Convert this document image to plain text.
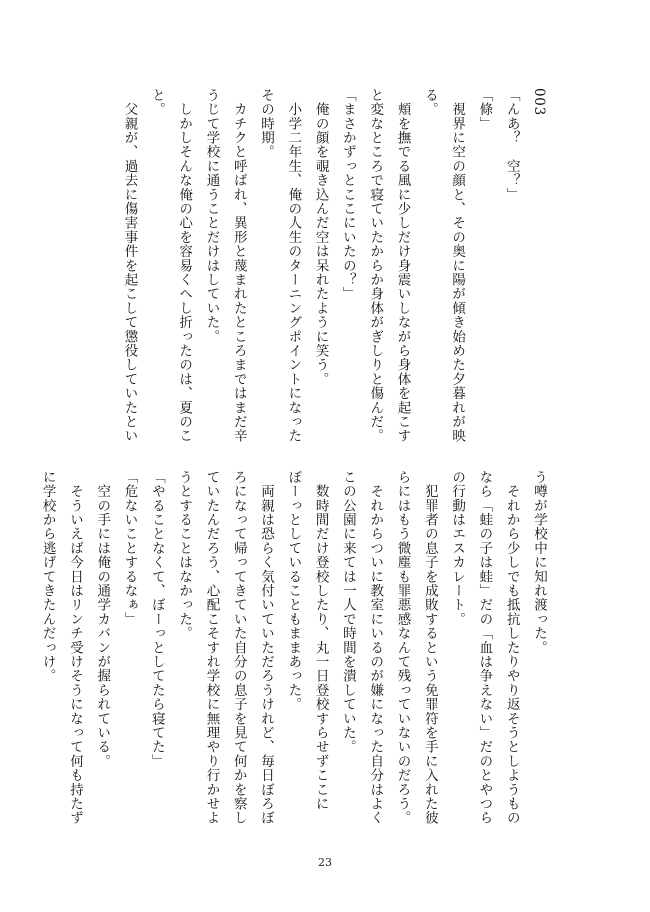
003
「んあ？　空？」
「條」
　視界に空の顔と、その奥に陽が傾き始めた夕暮れが映
る。
　頬を撫でる風に少しだけ身震いしながら身体を起こす
と変なところで寝ていたからか身体がぎしりと傷んだ。
「まさかずっとここにいたの？」
　俺の顔を覗き込んだ空は呆れたように笑う。
　小学二年生、俺の人生のターニングポイントになった
その時期。
　カチクと呼ばれ、異形と蔑まれたところまではまだ辛
うじて学校に通うことだけはしていた。
　しかしそんな俺の心を容易くへし折ったのは、夏のこ
と。
　父親が、過去に傷害事件を起こして懲役していたとい
う噂が学校中に知れ渡った。
　それから少しでも抵抗したりやり返そうとしようもの
なら「蛙の子は蛙」だの「血は争えない」だのとやつら
の行動はエスカレート。
　犯罪者の息子を成敗するという免罪符を手に入れた彼
らにはもう微塵も罪悪感なんて残っていないのだろう。
　それからついに教室にいるのが嫌になった自分はよく
この公園に来ては一人で時間を潰していた。
　数時間だけ登校したり、丸一日登校すらせずここに
ぼーっとしていることもままあった。
　両親は恐らく気付いていただろうけれど、毎日ぼろぼ
ろになって帰ってきていた自分の息子を見て何かを察し
ていたんだろう、心配こそすれ学校に無理やり行かせよ
うとすることはなかった。
「やることなくて、ぼーっとしてたら寝てた」
「危ないことするなぁ」
　空の手には俺の通学カバンが握られている。
　そういえば今日はリンチ受けそうになって何も持たず
に学校から逃げてきたんだっけ。
23
